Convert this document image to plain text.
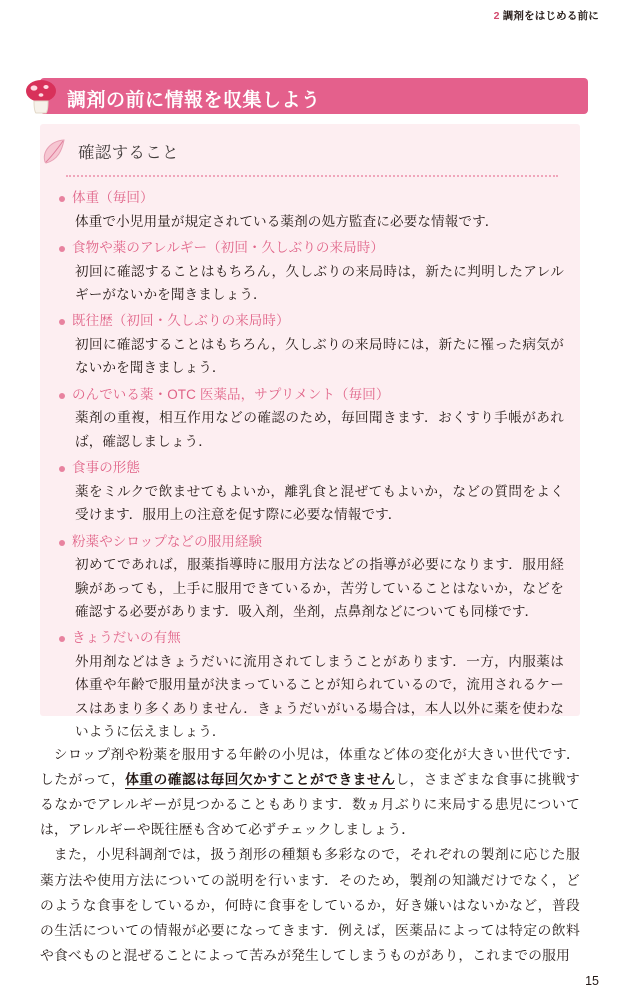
2 調剤をはじめる前に
調剤の前に情報を収集しよう
確認すること
体重（毎回）
体重で小児用量が規定されている薬剤の処方監査に必要な情報です．
食物や薬のアレルギー（初回・久しぶりの来局時）
初回に確認することはもちろん，久しぶりの来局時は，新たに判明したアレルギーがないかを聞きましょう．
既往歴（初回・久しぶりの来局時）
初回に確認することはもちろん，久しぶりの来局時には，新たに罹った病気がないかを聞きましょう．
のんでいる薬・OTC 医薬品，サプリメント（毎回）
薬剤の重複，相互作用などの確認のため，毎回聞きます．おくすり手帳があれば，確認しましょう．
食事の形態
薬をミルクで飲ませてもよいか，離乳食と混ぜてもよいか，などの質問をよく受けます．服用上の注意を促す際に必要な情報です．
粉薬やシロップなどの服用経験
初めてであれば，服薬指導時に服用方法などの指導が必要になります．服用経験があっても，上手に服用できているか，苦労していることはないか，などを確認する必要があります．吸入剤，坐剤，点鼻剤などについても同様です．
きょうだいの有無
外用剤などはきょうだいに流用されてしまうことがあります．一方，内服薬は体重や年齢で服用量が決まっていることが知られているので，流用されるケースはあまり多くありません．きょうだいがいる場合は，本人以外に薬を使わないように伝えましょう．

シロップ剤や粉薬を服用する年齢の小児は，体重など体の変化が大きい世代です．したがって，体重の確認は毎回欠かすことができませんし，さまざまな食事に挑戦するなかでアレルギーが見つかることもあります．数ヵ月ぶりに来局する患児については，アレルギーや既往歴も含めて必ずチェックしましょう．

また，小児科調剤では，扱う剤形の種類も多彩なので，それぞれの製剤に応じた服薬方法や使用方法についての説明を行います．そのため，製剤の知識だけでなく，どのような食事をしているか，何時に食事をしているか，好き嫌いはないかなど，普段の生活についての情報が必要になってきます．例えば，医薬品によっては特定の飲料や食べものと混ぜることによって苦みが発生してしまうものがあり，これまでの服用

15
